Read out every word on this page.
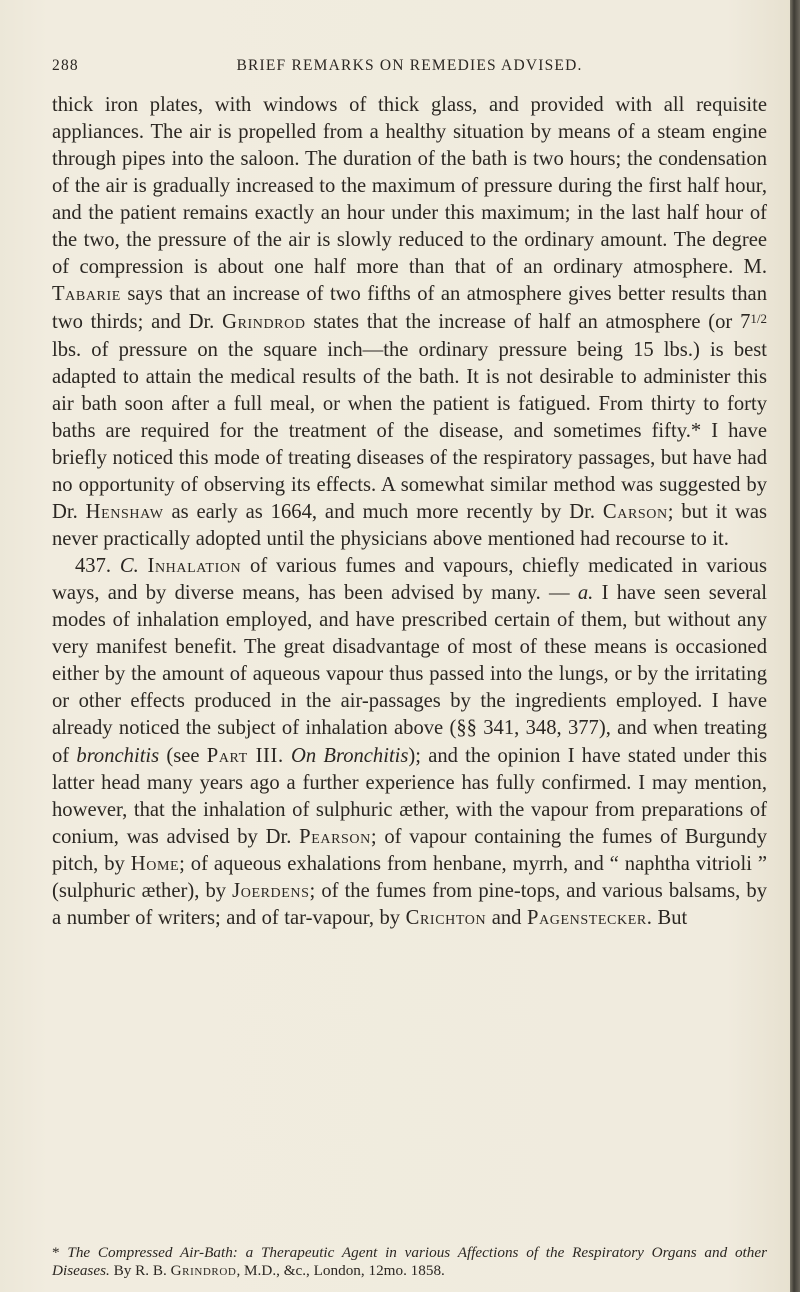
288	BRIEF REMARKS ON REMEDIES ADVISED.

thick iron plates, with windows of thick glass, and provided with all requisite appliances. The air is propelled from a healthy situation by means of a steam engine through pipes into the saloon. The duration of the bath is two hours; the condensation of the air is gradually increased to the maximum of pressure during the first half hour, and the patient remains exactly an hour under this maximum; in the last half hour of the two, the pressure of the air is slowly reduced to the ordinary amount. The degree of compression is about one half more than that of an ordinary atmosphere. M. Tabarie says that an increase of two fifths of an atmosphere gives better results than two thirds; and Dr. Grindrod states that the increase of half an atmosphere (or $7^{1/2}$ lbs. of pressure on the square inch—the ordinary pressure being 15 lbs.) is best adapted to attain the medical results of the bath. It is not desirable to administer this air bath soon after a full meal, or when the patient is fatigued. From thirty to forty baths are required for the treatment of the disease, and sometimes fifty.* I have briefly noticed this mode of treating diseases of the respiratory passages, but have had no opportunity of observing its effects. A somewhat similar method was suggested by Dr. Henshaw as early as 1664, and much more recently by Dr. Carson; but it was never practically adopted until the physicians above mentioned had recourse to it.

437. C. Inhalation of various fumes and vapours, chiefly medicated in various ways, and by diverse means, has been advised by many. — a. I have seen several modes of inhalation employed, and have prescribed certain of them, but without any very manifest benefit. The great disadvantage of most of these means is occasioned either by the amount of aqueous vapour thus passed into the lungs, or by the irritating or other effects produced in the air-passages by the ingredients employed. I have already noticed the subject of inhalation above (§§ 341, 348, 377), and when treating of bronchitis (see Part III. On Bronchitis); and the opinion I have stated under this latter head many years ago a further experience has fully confirmed. I may mention, however, that the inhalation of sulphuric æther, with the vapour from preparations of conium, was advised by Dr. Pearson; of vapour containing the fumes of Burgundy pitch, by Home; of aqueous exhalations from henbane, myrrh, and “ naphtha vitrioli ” (sulphuric æther), by Joerdens; of the fumes from pine-tops, and various balsams, by a number of writers; and of tar-vapour, by Crichton and Pagenstecker. But

* The Compressed Air-Bath: a Therapeutic Agent in various Affections of the Respiratory Organs and other Diseases. By R. B. Grindrod, M.D., &c., London, 12mo. 1858.
